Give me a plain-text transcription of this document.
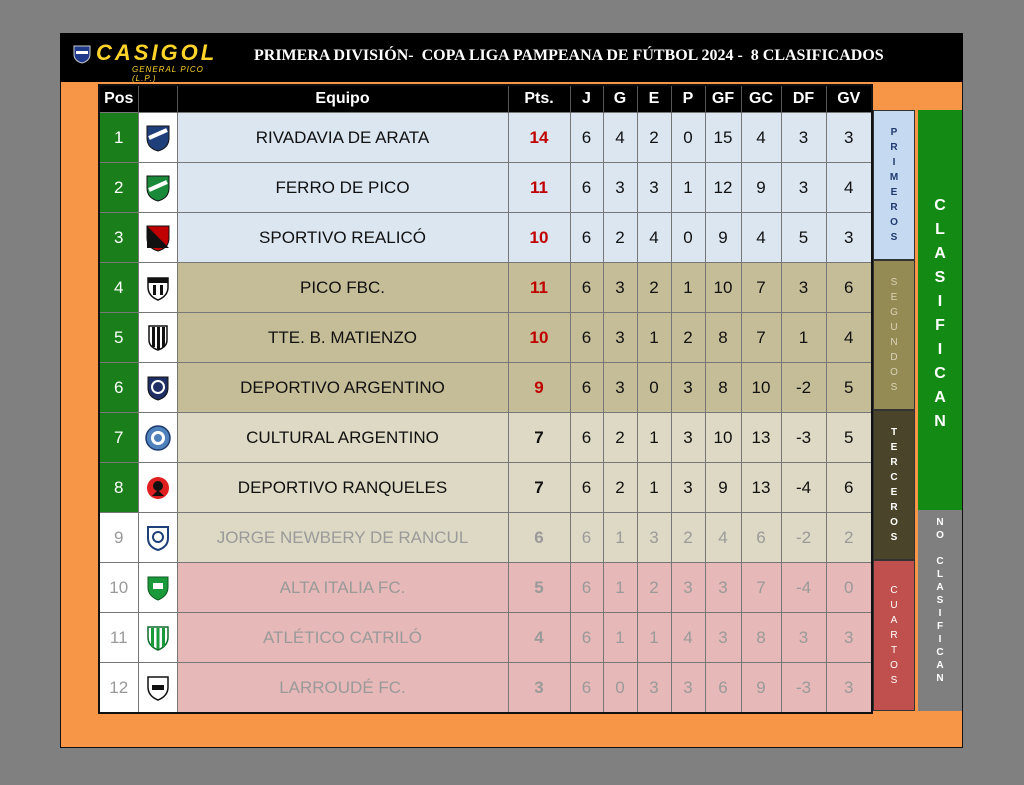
CASIGOL
GENERAL PICO (L.P.)
PRIMERA DIVISIÓN-  COPA LIGA PAMPEANA DE FÚTBOL 2024 -  8 CLASIFICADOS
Pos		Equipo	Pts.	J	G	E	P	GF	GC	DF	GV
1		RIVADAVIA DE ARATA	14	6	4	2	0	15	4	3	3
2		FERRO DE PICO	11	6	3	3	1	12	9	3	4
3		SPORTIVO REALICÓ	10	6	2	4	0	9	4	5	3
4		PICO FBC.	11	6	3	2	1	10	7	3	6
5		TTE. B. MATIENZO	10	6	3	1	2	8	7	1	4
6		DEPORTIVO ARGENTINO	9	6	3	0	3	8	10	-2	5
7		CULTURAL ARGENTINO	7	6	2	1	3	10	13	-3	5
8		DEPORTIVO RANQUELES	7	6	2	1	3	9	13	-4	6
9		JORGE NEWBERY DE RANCUL	6	6	1	3	2	4	6	-2	2
10		ALTA ITALIA FC.	5	6	1	2	3	3	7	-4	0
11		ATLÉTICO CATRILÓ	4	6	1	1	4	3	8	3	3
12		LARROUDÉ FC.	3	6	0	3	3	6	9	-3	3
P
R
I
M
E
R
O
S
S
E
G
U
N
D
O
S
T
E
R
C
E
R
O
S
C
U
A
R
T
O
S
C
L
A
S
I
F
I
C
A
N
N
O
C
L
A
S
I
F
I
C
A
N
